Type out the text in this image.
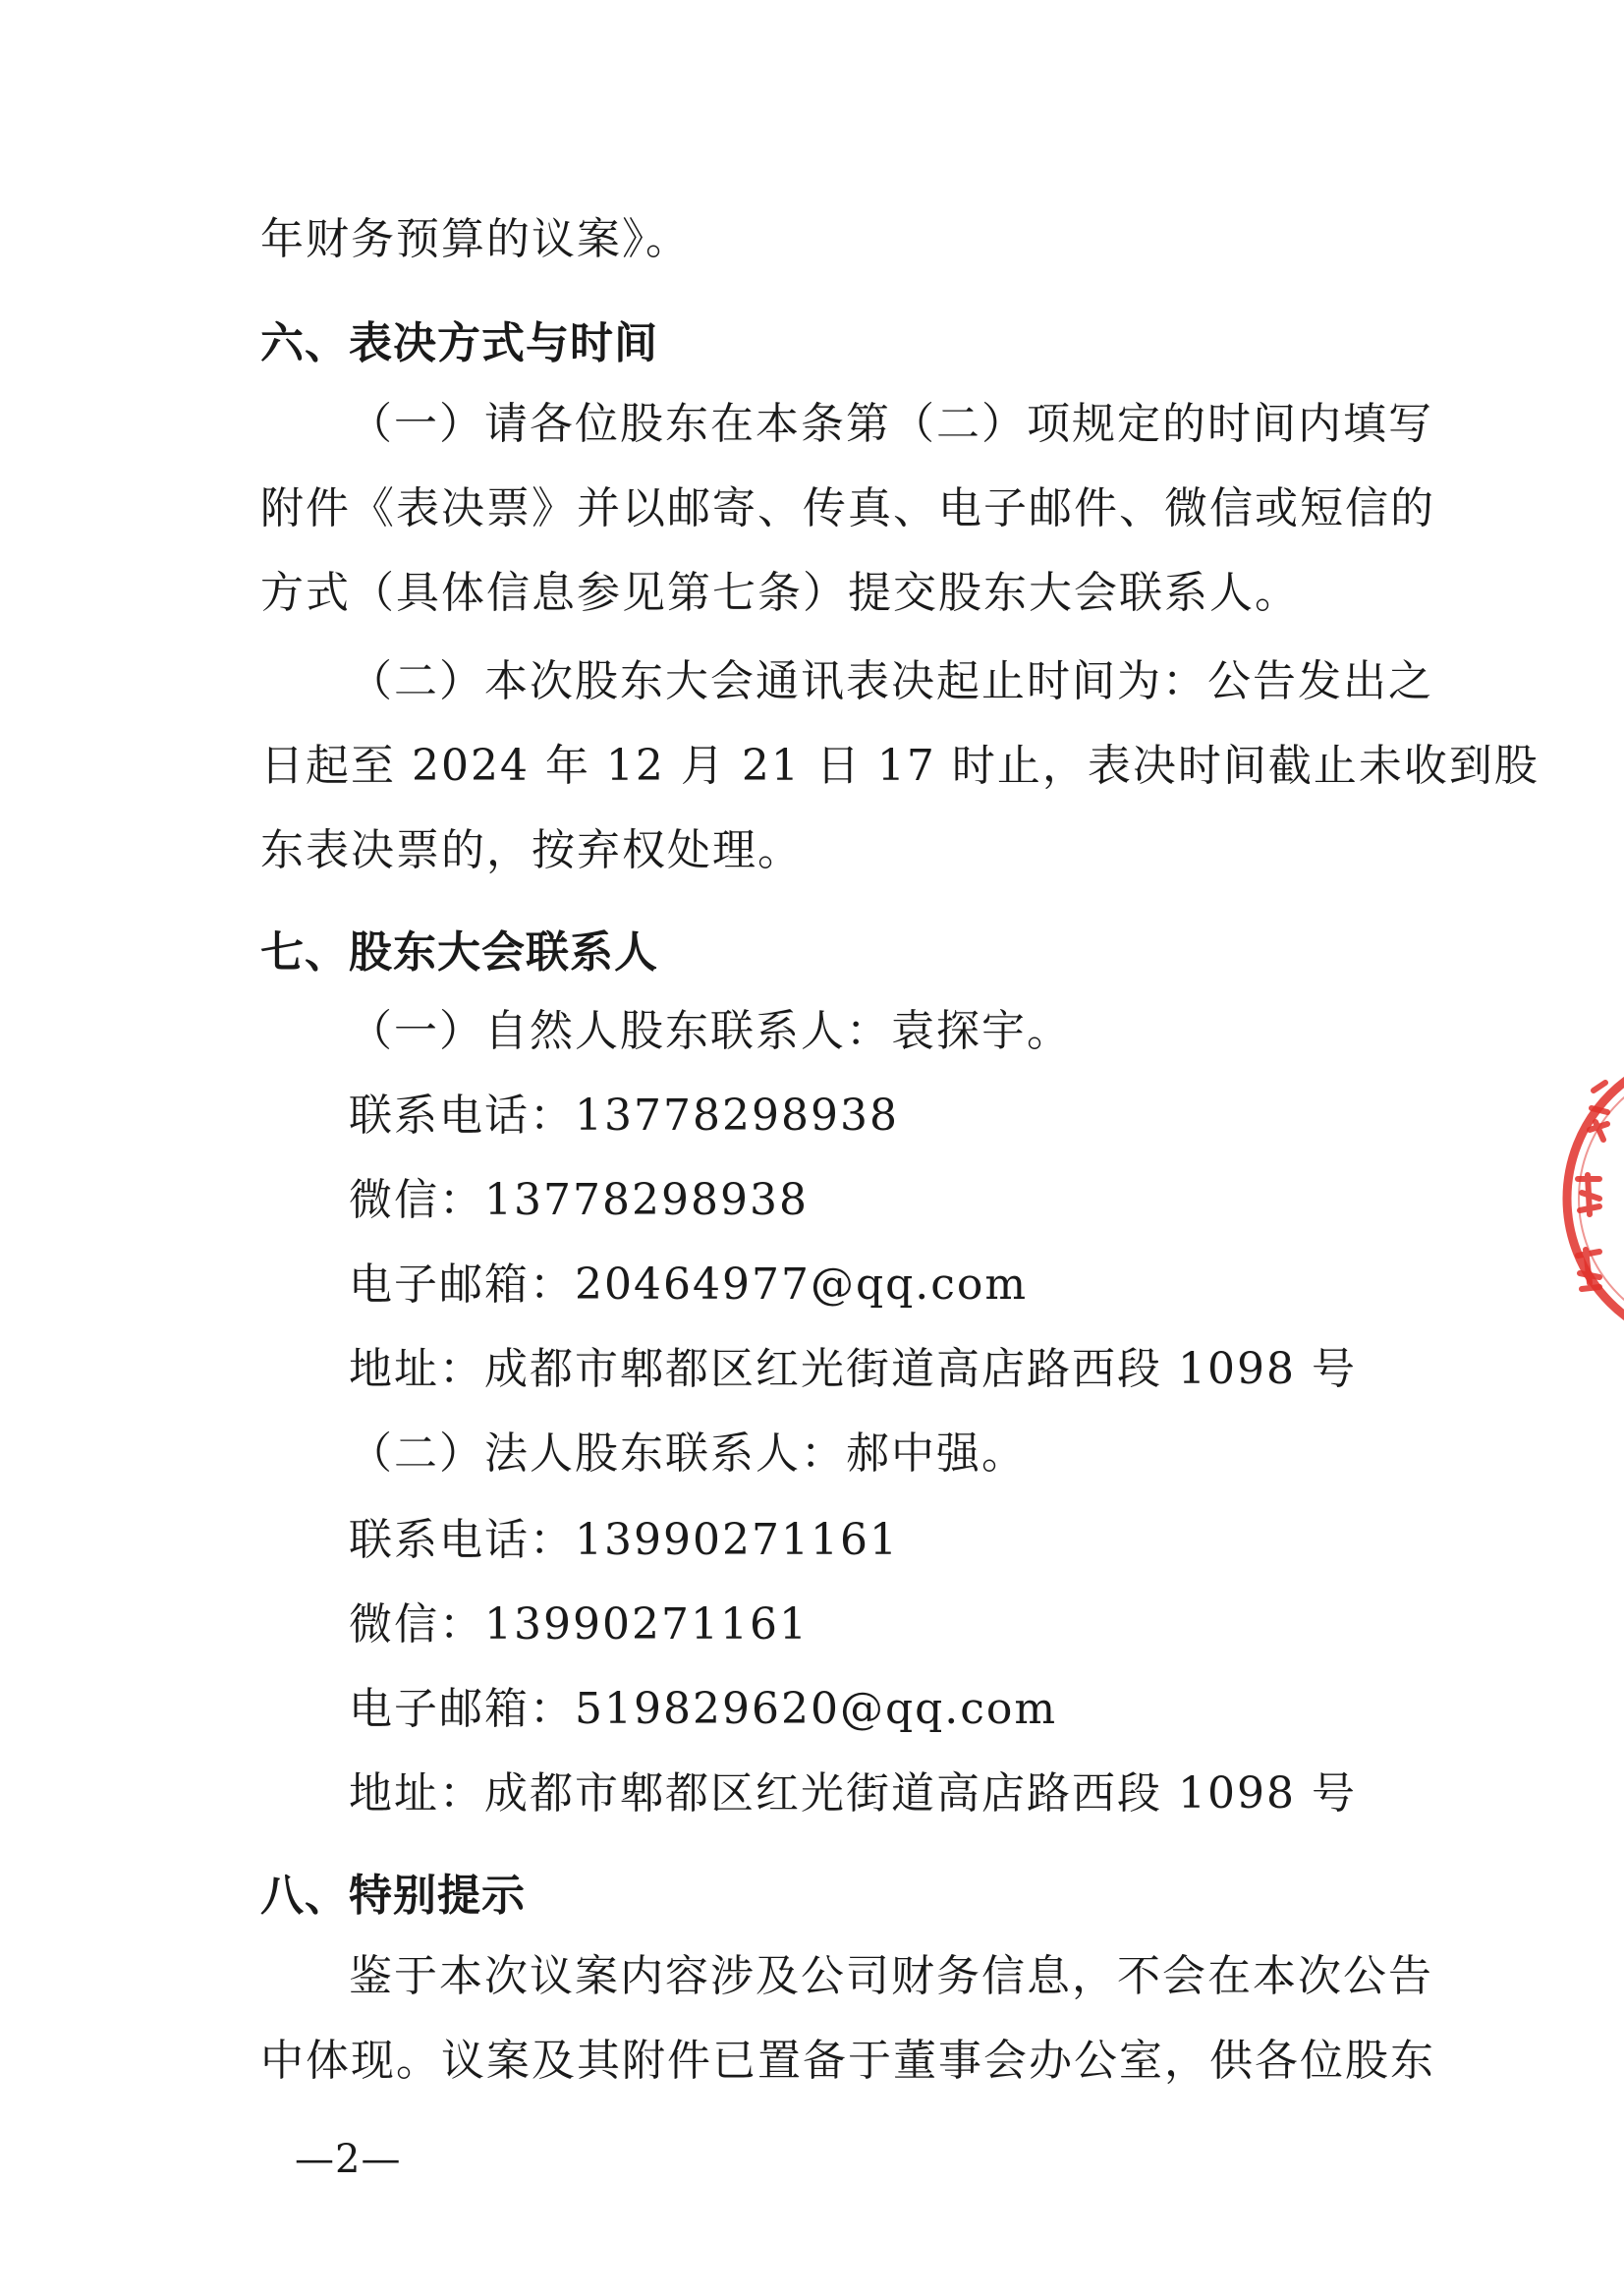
年财务预算的议案》。
六、表决方式与时间
（一）请各位股东在本条第（二）项规定的时间内填写
附件《表决票》并以邮寄、传真、电子邮件、微信或短信的
方式（具体信息参见第七条）提交股东大会联系人。
（二）本次股东大会通讯表决起止时间为：公告发出之
日起至 2024 年 12 月 21 日 17 时止，表决时间截止未收到股
东表决票的，按弃权处理。
七、股东大会联系人
（一）自然人股东联系人：袁探宇。
联系电话：13778298938
微信：13778298938
电子邮箱：20464977@qq.com
地址：成都市郫都区红光街道高店路西段 1098 号
（二）法人股东联系人：郝中强。
联系电话：13990271161
微信：13990271161
电子邮箱：519829620@qq.com
地址：成都市郫都区红光街道高店路西段 1098 号
八、特别提示
鉴于本次议案内容涉及公司财务信息，不会在本次公告
中体现。议案及其附件已置备于董事会办公室，供各位股东
—2—
